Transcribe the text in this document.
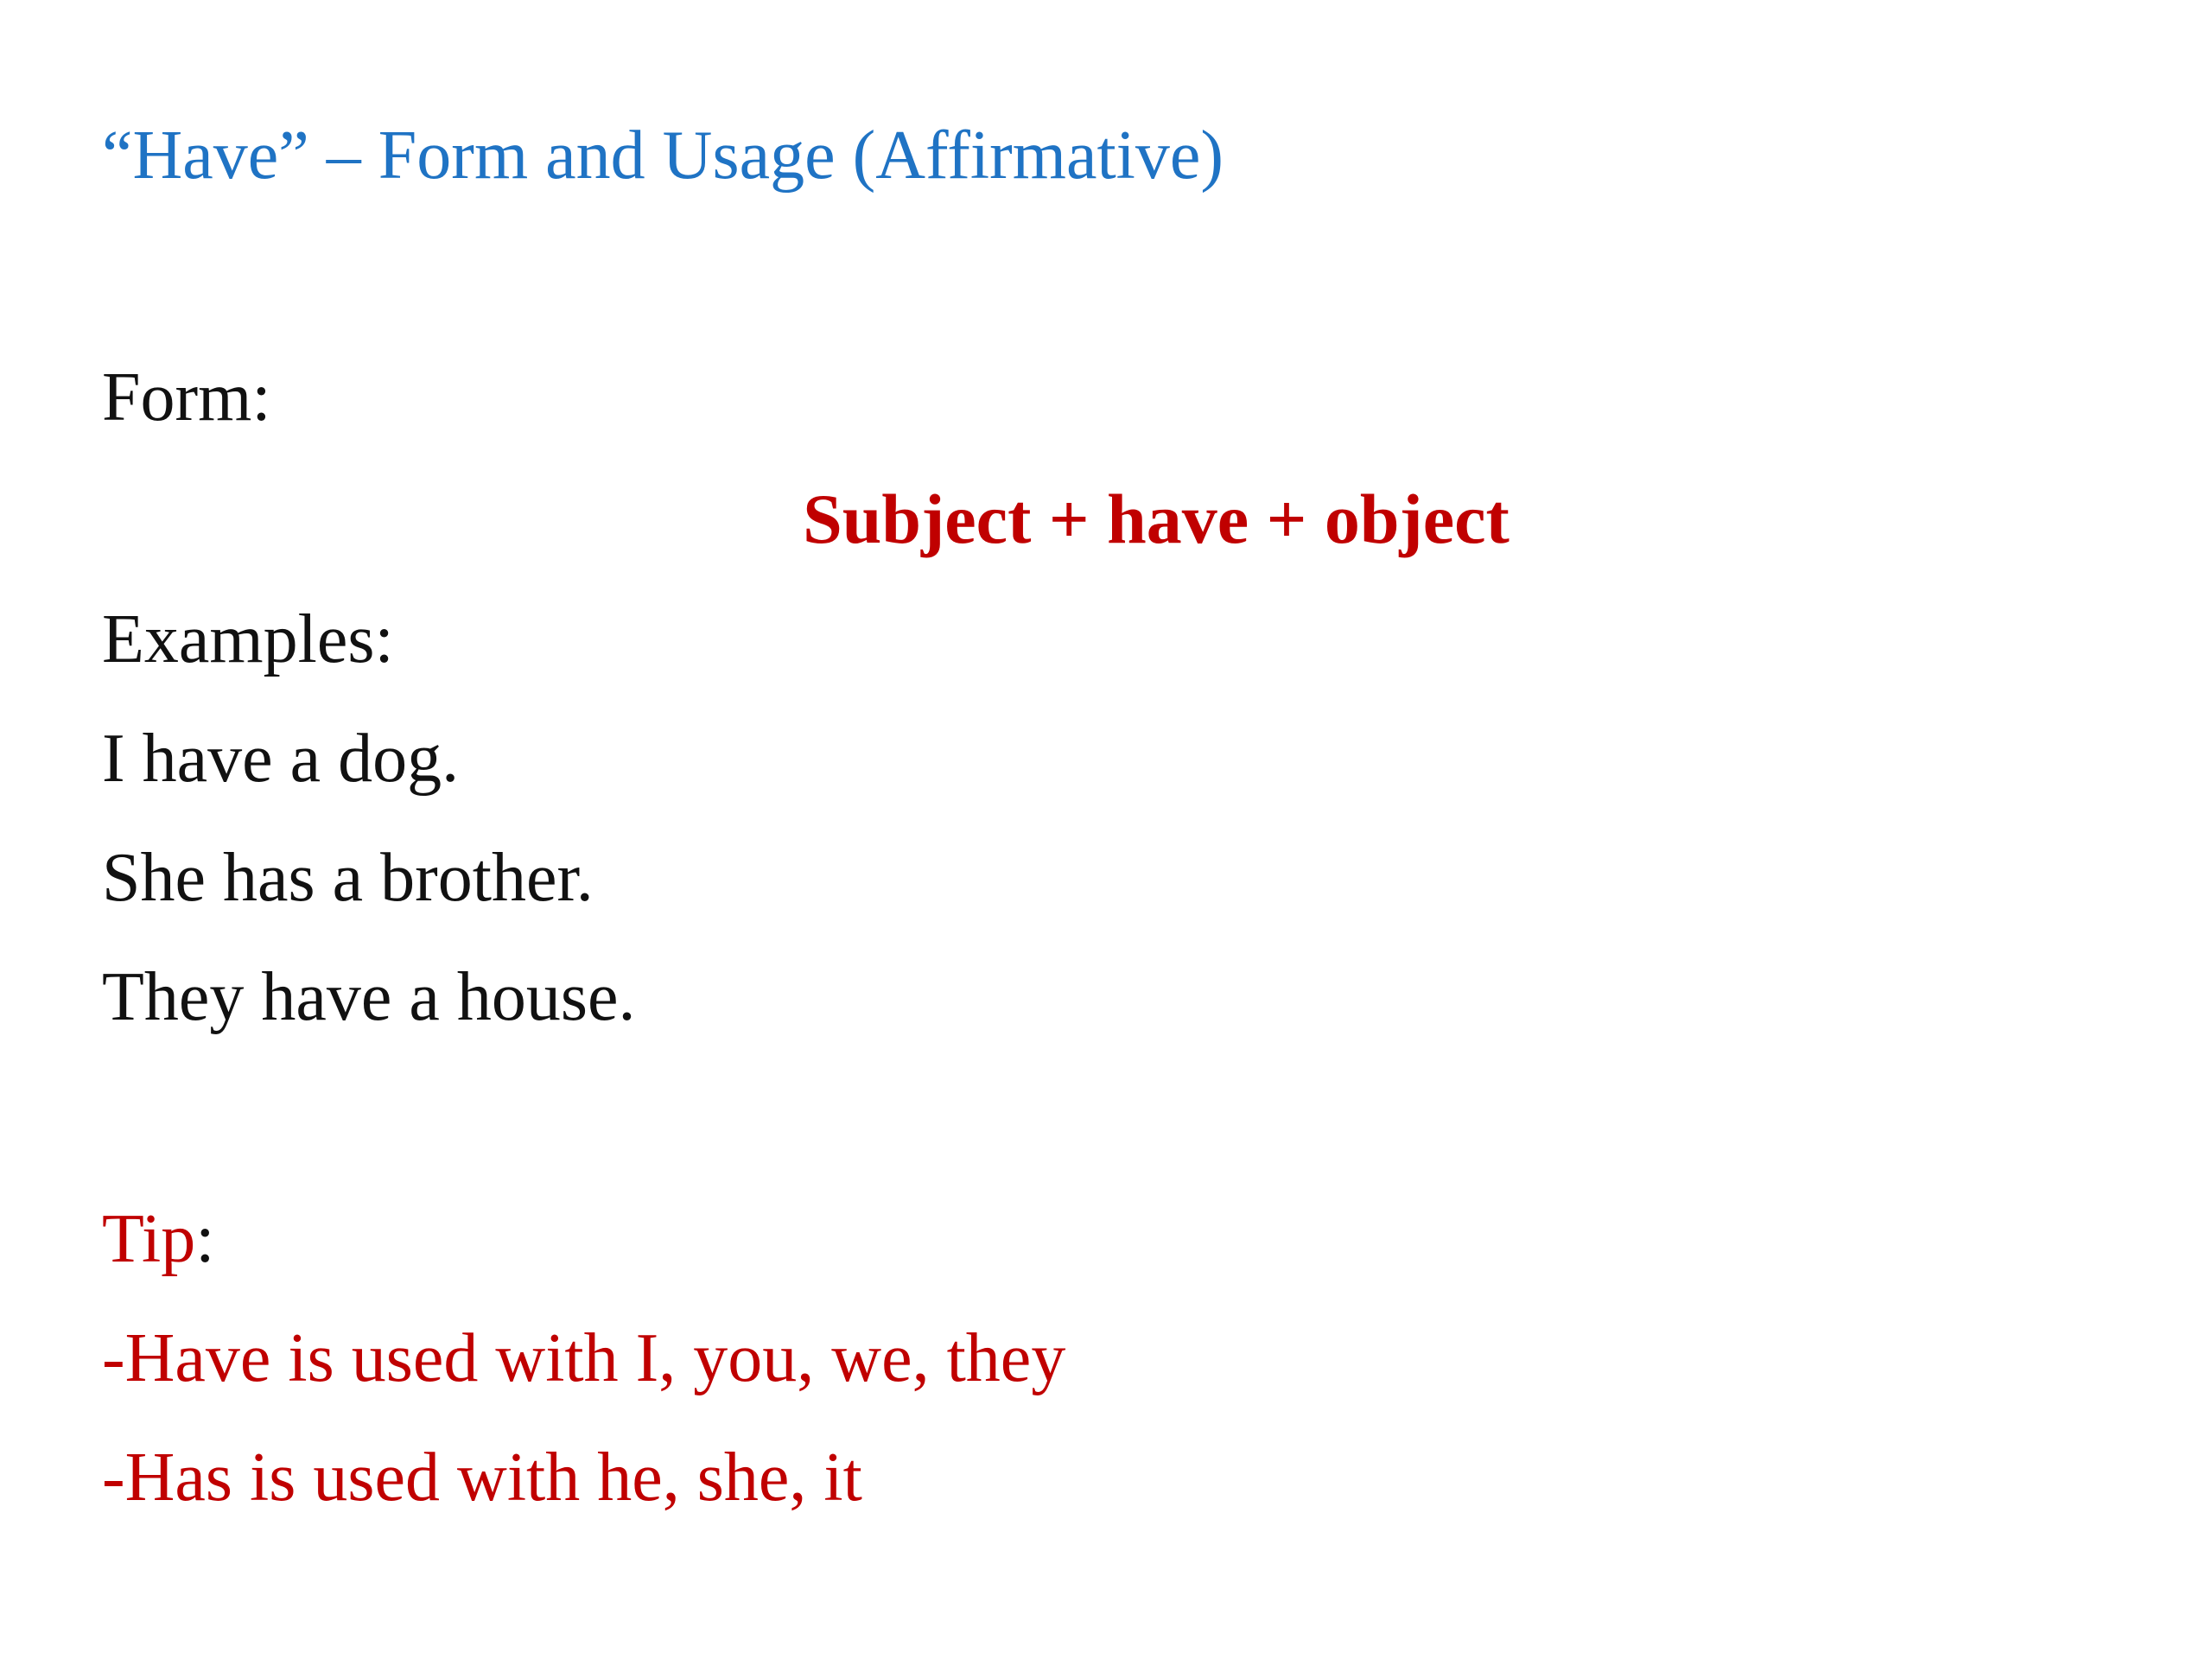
“Have” – Form and Usage (Affirmative)

Form:

Subject + have + object

Examples:

I have a dog.

She has a brother.

They have a house.

Tip:

-Have is used with I, you, we, they

-Has is used with he, she, it
